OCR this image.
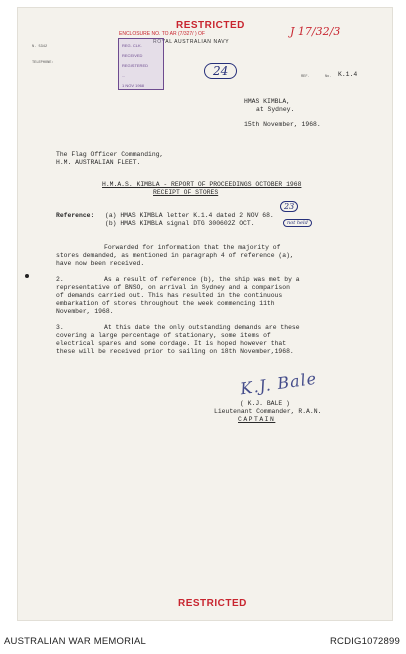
N. 5342
TELEPHONE:
RESTRICTED
ENCLOSURE NO. TO AR (7/327/ ) OF
ROYAL AUSTRALIAN NAVY
J 17/32/3
24	REF.	No. K.1.4
REG. CLK.
RECEIVED
REGISTERED
...
1 NOV 1968
HMAS KIMBLA,
at Sydney.
15th November, 1968.
The Flag Officer Commanding,
H.M. AUSTRALIAN FLEET.
H.M.A.S. KIMBLA - REPORT OF PROCEEDINGS OCTOBER 1968
RECEIPT OF STORES
Reference: (a) HMAS KIMBLA letter K.1.4 dated 2 NOV 68.
(b) HMAS KIMBLA signal DTG 300602Z OCT.
23
not held
Forwarded for information that the majority of
stores demanded, as mentioned in paragraph 4 of reference (a),
have now been received.
2.	As a result of reference (b), the ship was met by a
representative of BNSO, on arrival in Sydney and a comparison
of demands carried out. This has resulted in the continuous
embarkation of stores throughout the week commencing 11th
November, 1968.
3.	At this date the only outstanding demands are these
covering a large percentage of stationary, some items of
electrical spares and some cordage. It is hoped however that
these will be received prior to sailing on 18th November,1968.
K.J. Bale
( K.J. BALE )
Lieutenant Commander, R.A.N.
CAPTAIN
RESTRICTED
AUSTRALIAN WAR MEMORIAL	RCDIG1072899
